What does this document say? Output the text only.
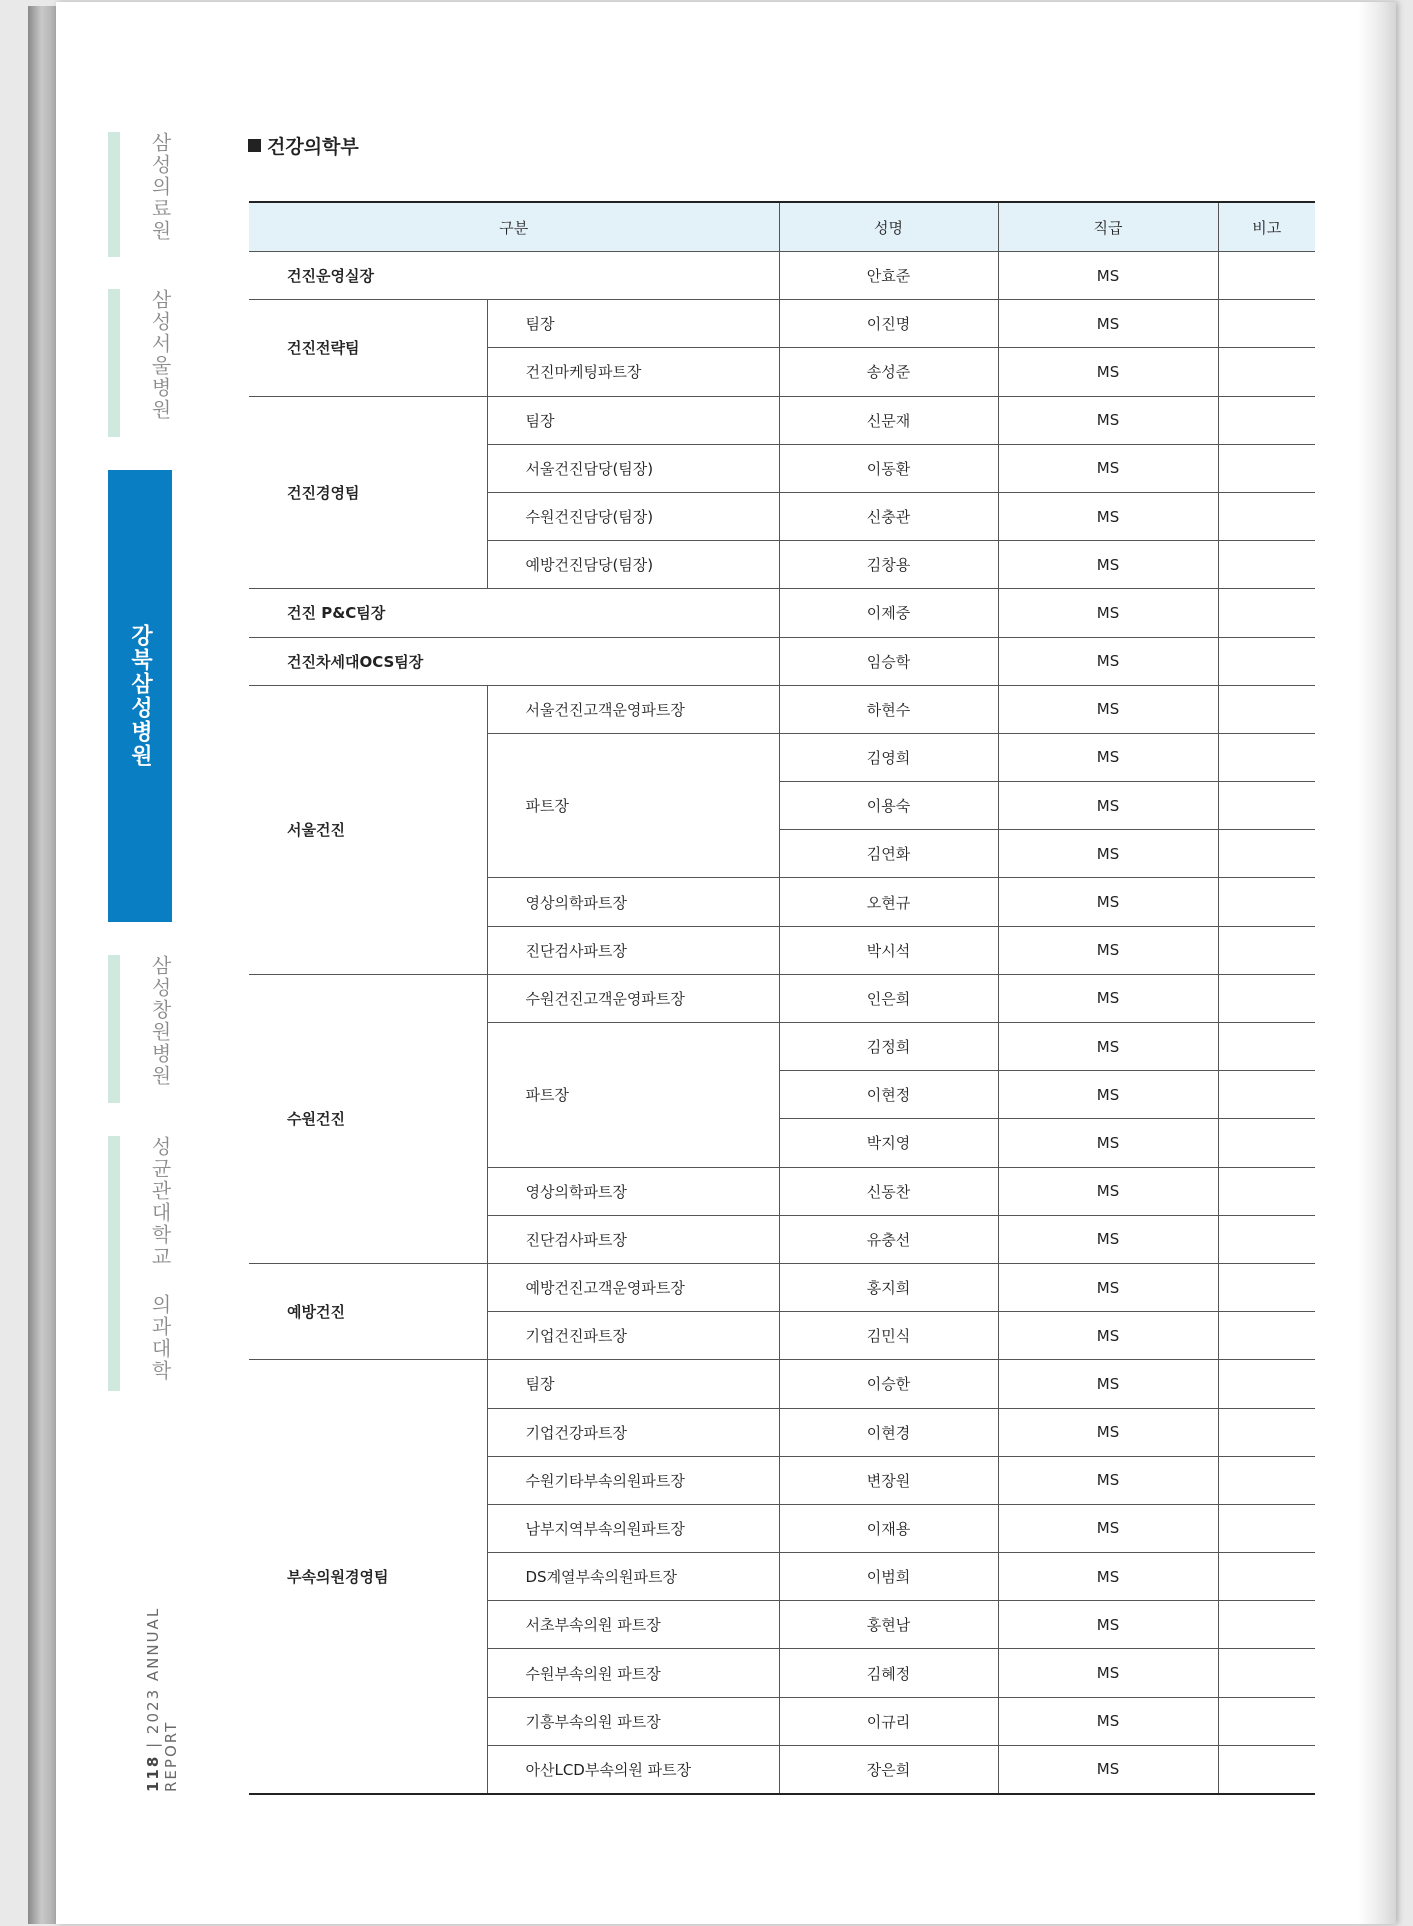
삼성의료원
삼성서울병원
강북삼성병원
삼성창원병원
성균관대학교 의과대학
118 | 2023 ANNUAL REPORT
건강의학부
구분		성명	직급	비고
건진운영실장		안효준	MS	
건진전략팀	팀장	이진명	MS	
	건진마케팅파트장	송성준	MS	
건진경영팀	팀장	신문재	MS	
	서울건진담당(팀장)	이동환	MS	
	수원건진담당(팀장)	신충관	MS	
	예방건진담당(팀장)	김창용	MS	
건진 P&C팀장		이제중	MS	
건진차세대OCS팀장		임승학	MS	
서울건진	서울건진고객운영파트장	하현수	MS	
	파트장	김영희	MS	
		이용숙	MS	
		김연화	MS	
	영상의학파트장	오현규	MS	
	진단검사파트장	박시석	MS	
수원건진	수원건진고객운영파트장	인은희	MS	
	파트장	김정희	MS	
		이현정	MS	
		박지영	MS	
	영상의학파트장	신동찬	MS	
	진단검사파트장	유충선	MS	
예방건진	예방건진고객운영파트장	홍지희	MS	
	기업건진파트장	김민식	MS	
부속의원경영팀	팀장	이승한	MS	
	기업건강파트장	이현경	MS	
	수원기타부속의원파트장	변장원	MS	
	남부지역부속의원파트장	이재용	MS	
	DS계열부속의원파트장	이범희	MS	
	서초부속의원 파트장	홍현남	MS	
	수원부속의원 파트장	김혜정	MS	
	기흥부속의원 파트장	이규리	MS	
	아산LCD부속의원 파트장	장은희	MS	
